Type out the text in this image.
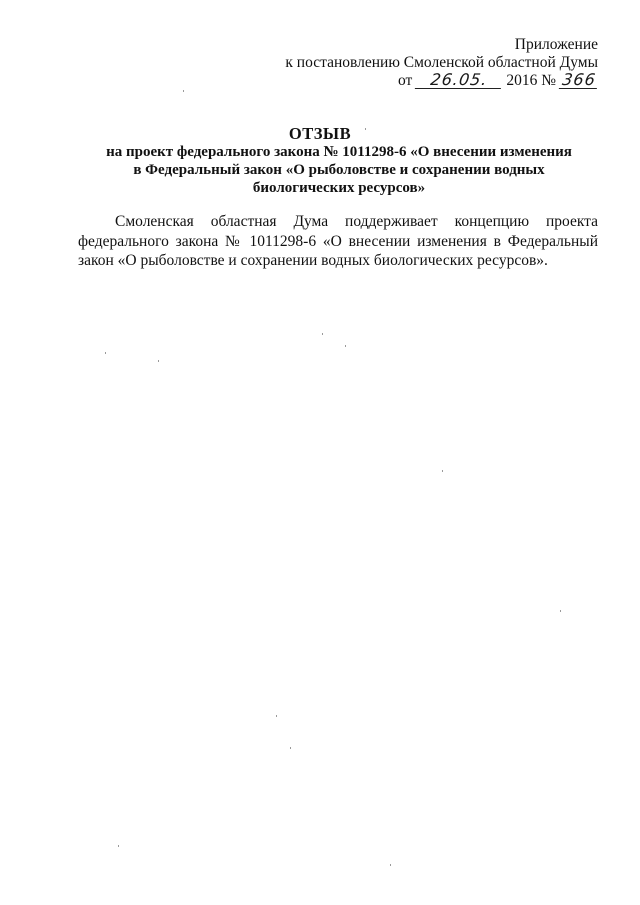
Приложение
к постановлению Смоленской областной Думы
от	26.05.	2016 № 366
ОТЗЫВ
на проект федерального закона № 1011298-6 «О внесении изменения
в Федеральный закон «О рыболовстве и сохранении водных
биологических ресурсов»
Смоленская областная Дума поддерживает концепцию проекта федерального закона № 1011298-6 «О внесении изменения в Федеральный закон «О рыболовстве и сохранении водных биологических ресурсов».
